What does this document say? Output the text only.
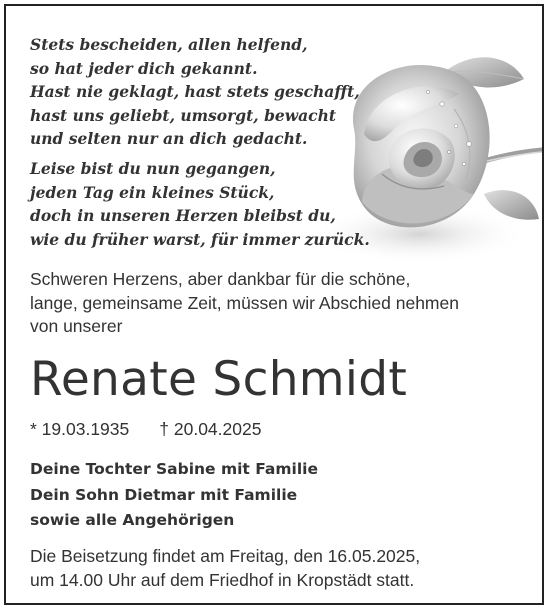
Stets bescheiden, allen helfend,
so hat jeder dich gekannt.
Hast nie geklagt, hast stets geschafft,
hast uns geliebt, umsorgt, bewacht
und selten nur an dich gedacht.
Leise bist du nun gegangen,
jeden Tag ein kleines Stück,
doch in unseren Herzen bleibst du,
wie du früher warst, für immer zurück.
Schweren Herzens, aber dankbar für die schöne,
lange, gemeinsame Zeit, müssen wir Abschied nehmen
von unserer
Renate Schmidt
* 19.03.1935 † 20.04.2025
Deine Tochter Sabine mit Familie
Dein Sohn Dietmar mit Familie
sowie alle Angehörigen
Die Beisetzung findet am Freitag, den 16.05.2025,
um 14.00 Uhr auf dem Friedhof in Kropstädt statt.
